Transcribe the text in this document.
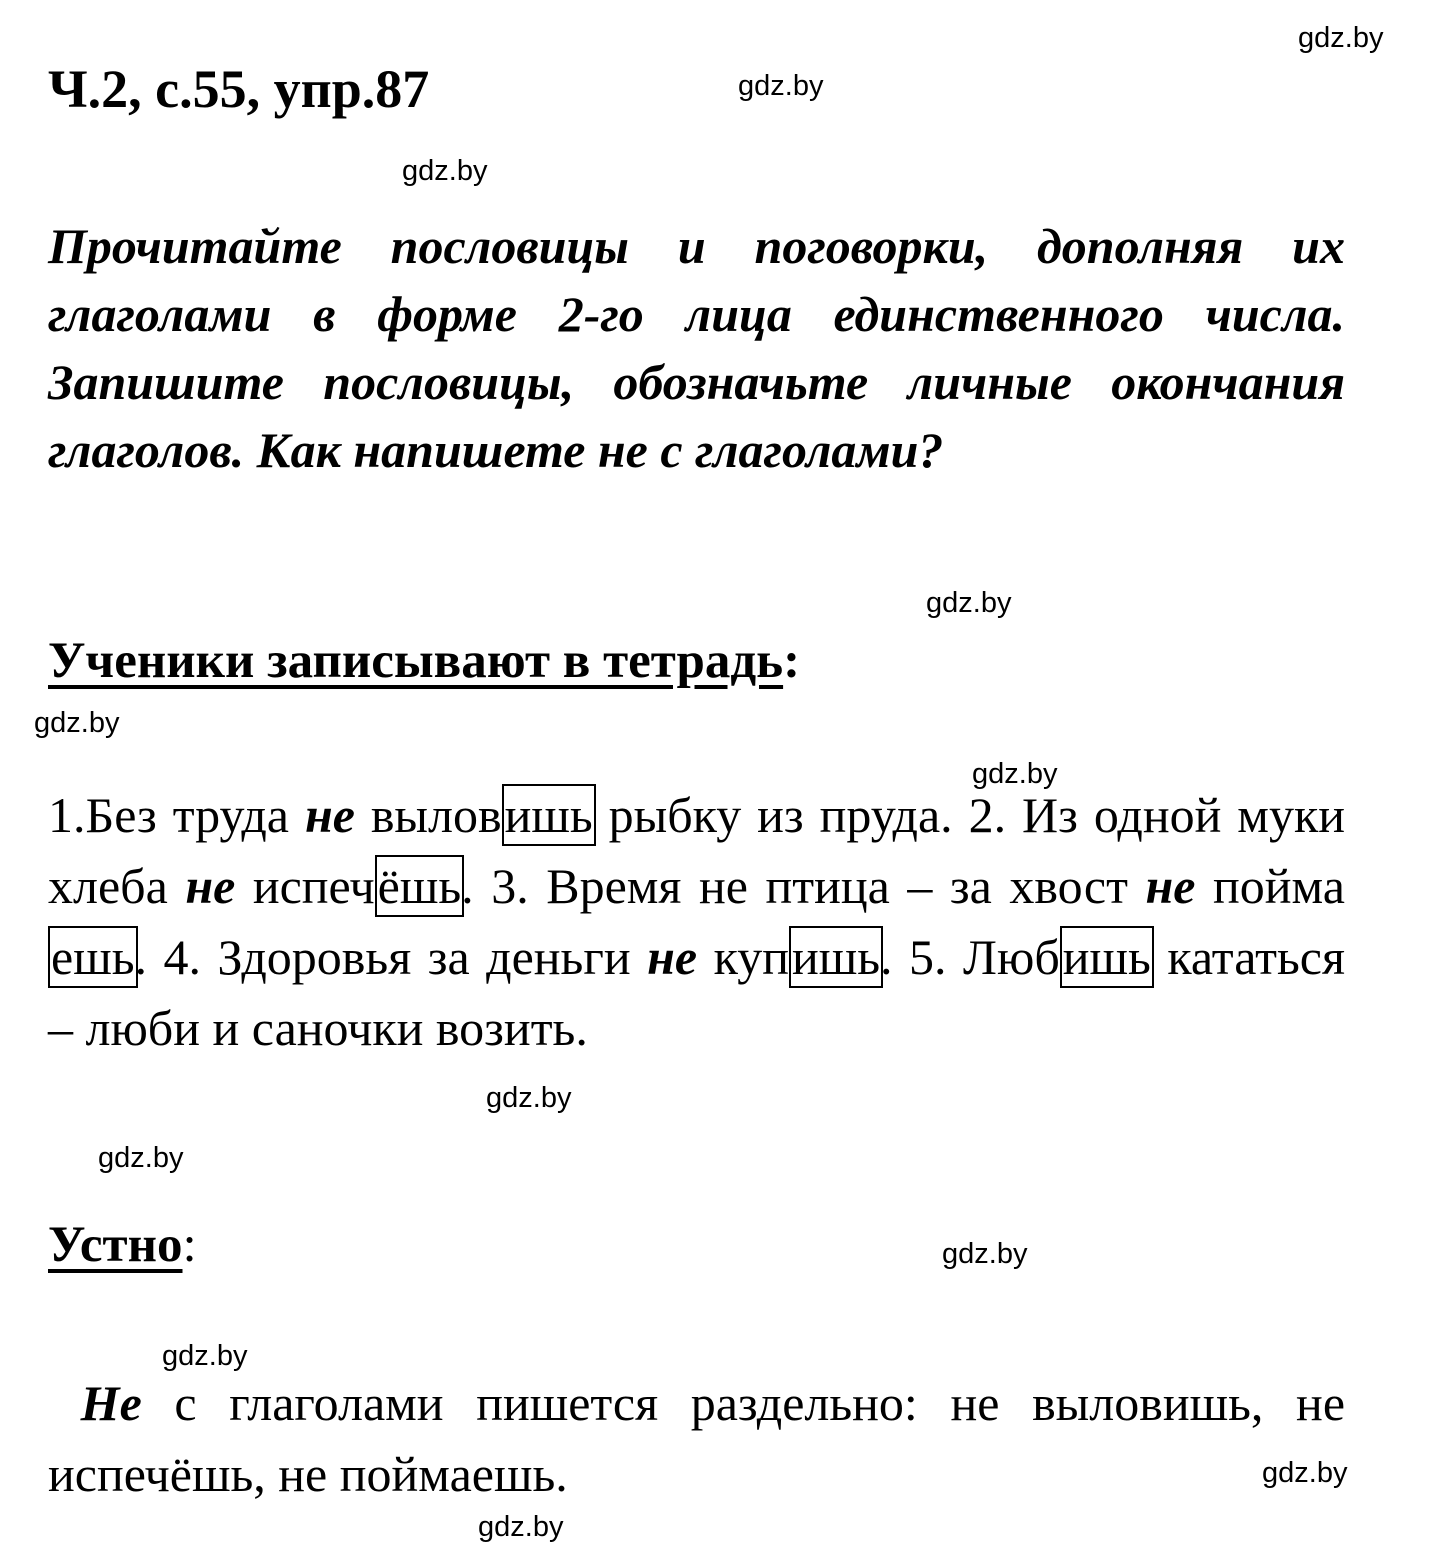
gdz.by
gdz.by
gdz.by
gdz.by
gdz.by
gdz.by
gdz.by
gdz.by
gdz.by
gdz.by
gdz.by
gdz.by
Ч.2, с.55, упр.87

Прочитайте пословицы и поговорки, дополняя их глаголами в форме 2-го лица единственного числа. Запишите пословицы, обозначьте личные окончания глаголов. Как напишете не с глаголами?

Ученики записывают в тетрадь:

1.Без труда не выловишь рыбку из пруда. 2. Из одной муки хлеба не испечёшь. 3. Время не птица – за хвост не поймаешь. 4. Здоровья за деньги не купишь. 5. Любишь кататься – люби и саночки возить.

Устно:

Не с глаголами пишется раздельно: не выловишь, не испечёшь, не поймаешь.
